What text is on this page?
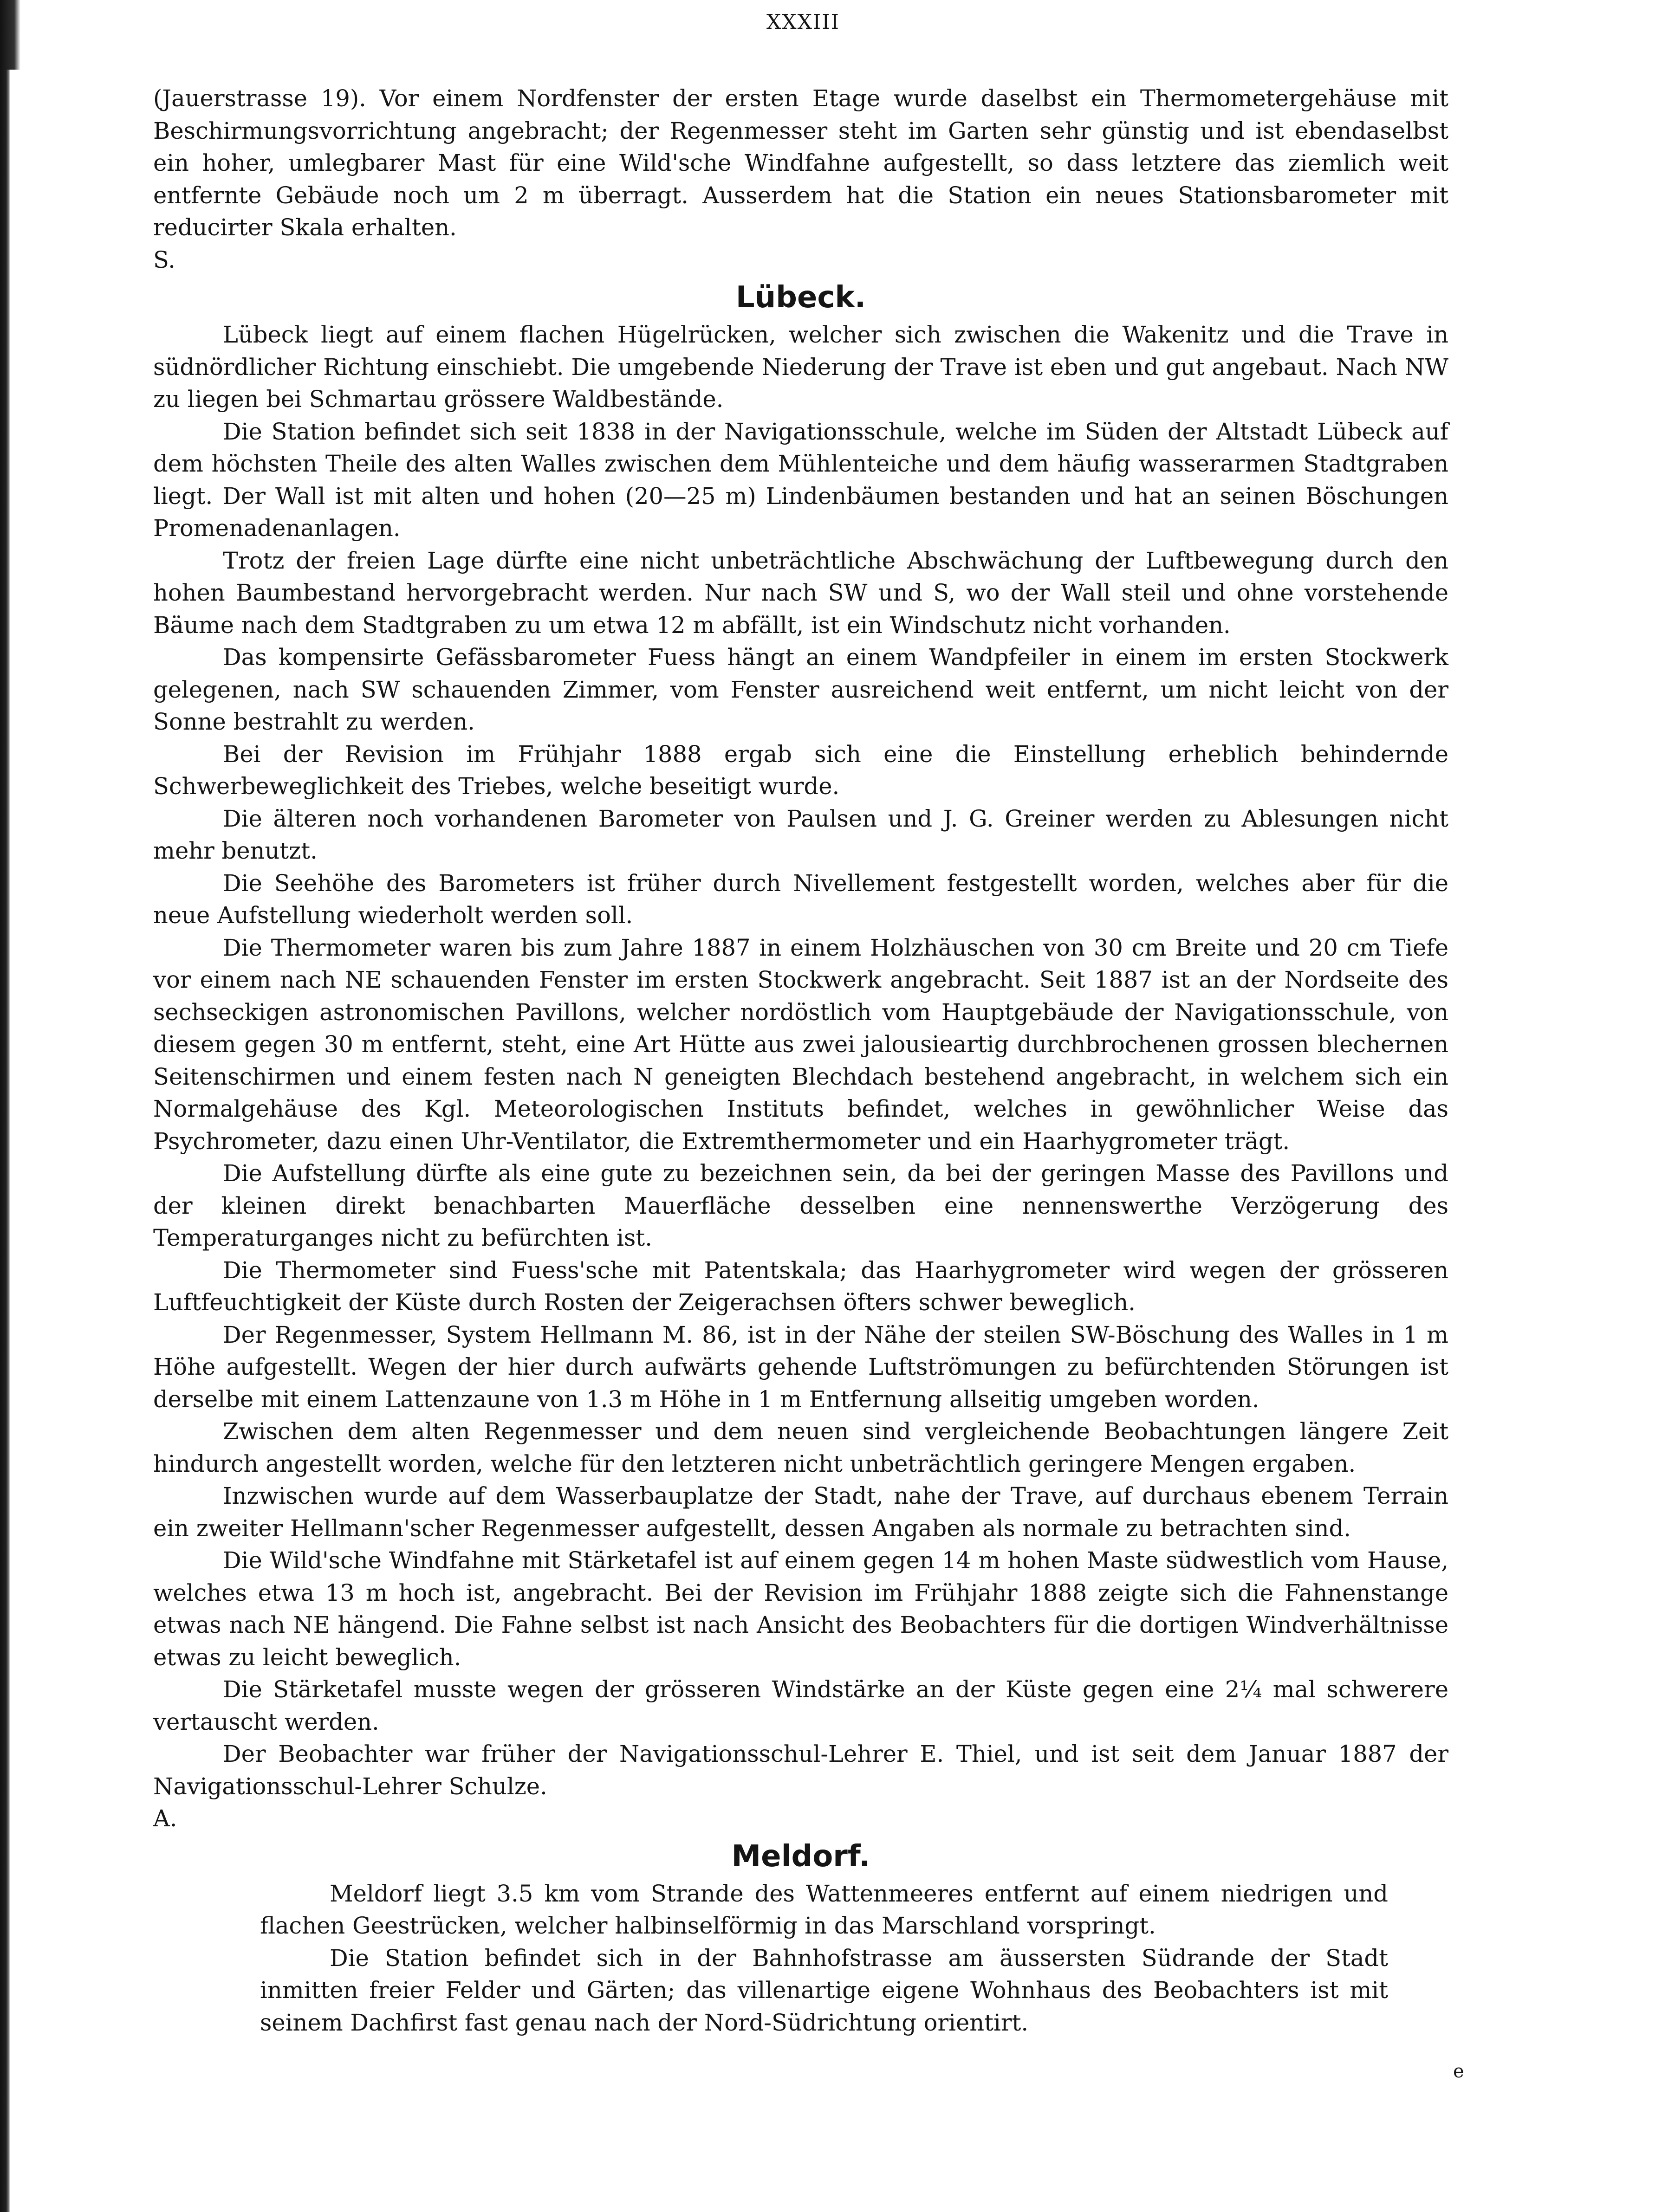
XXXIII

(Jauerstrasse 19). Vor einem Nordfenster der ersten Etage wurde daselbst ein Thermometergehäuse mit Beschirmungsvorrichtung angebracht; der Regenmesser steht im Garten sehr günstig und ist ebendaselbst ein hoher, umlegbarer Mast für eine Wild'sche Windfahne aufgestellt, so dass letztere das ziemlich weit entfernte Gebäude noch um 2 m überragt. Ausserdem hat die Station ein neues Stationsbarometer mit reducirter Skala erhalten.

S.

Lübeck.

Lübeck liegt auf einem flachen Hügelrücken, welcher sich zwischen die Wakenitz und die Trave in südnördlicher Richtung einschiebt. Die umgebende Niederung der Trave ist eben und gut angebaut. Nach NW zu liegen bei Schmartau grössere Waldbestände.

Die Station befindet sich seit 1838 in der Navigationsschule, welche im Süden der Altstadt Lübeck auf dem höchsten Theile des alten Walles zwischen dem Mühlenteiche und dem häufig wasserarmen Stadtgraben liegt. Der Wall ist mit alten und hohen (20—25 m) Lindenbäumen bestanden und hat an seinen Böschungen Promenadenanlagen.

Trotz der freien Lage dürfte eine nicht unbeträchtliche Abschwächung der Luftbewegung durch den hohen Baumbestand hervorgebracht werden. Nur nach SW und S, wo der Wall steil und ohne vorstehende Bäume nach dem Stadtgraben zu um etwa 12 m abfällt, ist ein Windschutz nicht vorhanden.

Das kompensirte Gefässbarometer Fuess hängt an einem Wandpfeiler in einem im ersten Stockwerk gelegenen, nach SW schauenden Zimmer, vom Fenster ausreichend weit entfernt, um nicht leicht von der Sonne bestrahlt zu werden.

Bei der Revision im Frühjahr 1888 ergab sich eine die Einstellung erheblich behindernde Schwerbeweglichkeit des Triebes, welche beseitigt wurde.

Die älteren noch vorhandenen Barometer von Paulsen und J. G. Greiner werden zu Ablesungen nicht mehr benutzt.

Die Seehöhe des Barometers ist früher durch Nivellement festgestellt worden, welches aber für die neue Aufstellung wiederholt werden soll.

Die Thermometer waren bis zum Jahre 1887 in einem Holzhäuschen von 30 cm Breite und 20 cm Tiefe vor einem nach NE schauenden Fenster im ersten Stockwerk angebracht. Seit 1887 ist an der Nordseite des sechseckigen astronomischen Pavillons, welcher nordöstlich vom Hauptgebäude der Navigationsschule, von diesem gegen 30 m entfernt, steht, eine Art Hütte aus zwei jalousieartig durchbrochenen grossen blechernen Seitenschirmen und einem festen nach N geneigten Blechdach bestehend angebracht, in welchem sich ein Normalgehäuse des Kgl. Meteorologischen Instituts befindet, welches in gewöhnlicher Weise das Psychrometer, dazu einen Uhr-Ventilator, die Extremthermometer und ein Haarhygrometer trägt.

Die Aufstellung dürfte als eine gute zu bezeichnen sein, da bei der geringen Masse des Pavillons und der kleinen direkt benachbarten Mauerfläche desselben eine nennenswerthe Verzögerung des Temperaturganges nicht zu befürchten ist.

Die Thermometer sind Fuess'sche mit Patentskala; das Haarhygrometer wird wegen der grösseren Luftfeuchtigkeit der Küste durch Rosten der Zeigerachsen öfters schwer beweglich.

Der Regenmesser, System Hellmann M. 86, ist in der Nähe der steilen SW-Böschung des Walles in 1 m Höhe aufgestellt. Wegen der hier durch aufwärts gehende Luftströmungen zu befürchtenden Störungen ist derselbe mit einem Lattenzaune von 1.3 m Höhe in 1 m Entfernung allseitig umgeben worden.

Zwischen dem alten Regenmesser und dem neuen sind vergleichende Beobachtungen längere Zeit hindurch angestellt worden, welche für den letzteren nicht unbeträchtlich geringere Mengen ergaben.

Inzwischen wurde auf dem Wasserbauplatze der Stadt, nahe der Trave, auf durchaus ebenem Terrain ein zweiter Hellmann'scher Regenmesser aufgestellt, dessen Angaben als normale zu betrachten sind.

Die Wild'sche Windfahne mit Stärketafel ist auf einem gegen 14 m hohen Maste südwestlich vom Hause, welches etwa 13 m hoch ist, angebracht. Bei der Revision im Frühjahr 1888 zeigte sich die Fahnenstange etwas nach NE hängend. Die Fahne selbst ist nach Ansicht des Beobachters für die dortigen Windverhältnisse etwas zu leicht beweglich.

Die Stärketafel musste wegen der grösseren Windstärke an der Küste gegen eine 2¼ mal schwerere vertauscht werden.

Der Beobachter war früher der Navigationsschul-Lehrer E. Thiel, und ist seit dem Januar 1887 der Navigationsschul-Lehrer Schulze.

A.

Meldorf.

Meldorf liegt 3.5 km vom Strande des Wattenmeeres entfernt auf einem niedrigen und flachen Geestrücken, welcher halbinselförmig in das Marschland vorspringt.

Die Station befindet sich in der Bahnhofstrasse am äussersten Südrande der Stadt inmitten freier Felder und Gärten; das villenartige eigene Wohnhaus des Beobachters ist mit seinem Dachfirst fast genau nach der Nord-Südrichtung orientirt.

e
